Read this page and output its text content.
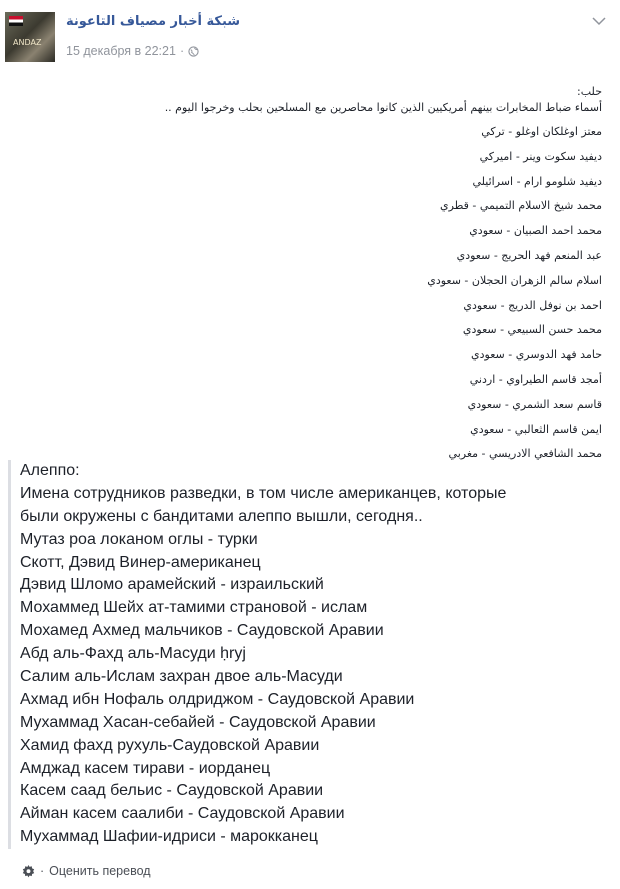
ANDAZ
شبكة أخبار مصياف التاعونة
15 декабря в 22:21 ·
حلب:
أسماء ضباط المخابرات بينهم أمريكيين الذين كانوا محاصرين مع المسلحين بحلب وخرجوا اليوم ..
معتز اوغلكان اوغلو - تركي
ديفيد سكوت وينر - اميركي
ديفيد شلومو ارام - اسرائيلي
محمد شيخ الاسلام التميمي - قطري
محمد احمد الصبيان - سعودي
عبد المنعم فهد الحريج - سعودي
اسلام سالم الزهران الحجلان - سعودي
احمد بن نوفل الدريج - سعودي
محمد حسن السبيعي - سعودي
حامد فهد الدوسري - سعودي
أمجد قاسم الطيراوي - اردني
قاسم سعد الشمري - سعودي
ايمن قاسم الثعالبي - سعودي
محمد الشافعي الادريسي - مغربي
Алеппо:
Имена сотрудников разведки, в том числе американцев, которые
были окружены с бандитами алеппо вышли, сегодня..
Мутаз роа локаном оглы - турки
Скотт, Дэвид Винер-американец
Дэвид Шломо арамейский - израильский
Мохаммед Шейх ат-тамими страновой - ислам
Мохамед Ахмед мальчиков - Саудовской Аравии
Абд аль-Фахд аль-Масуди ḥryj
Салим аль-Ислам захран двое аль-Масуди
Ахмад ибн Нофаль олдриджом - Саудовской Аравии
Мухаммад Хасан-себайей - Саудовской Аравии
Хамид фахд рухуль-Саудовской Аравии
Амджад касем тирави - иорданец
Касем саад бельис - Саудовской Аравии
Айман касем саалиби - Саудовской Аравии
Мухаммад Шафии-идриси - марокканец
· Оценить перевод
